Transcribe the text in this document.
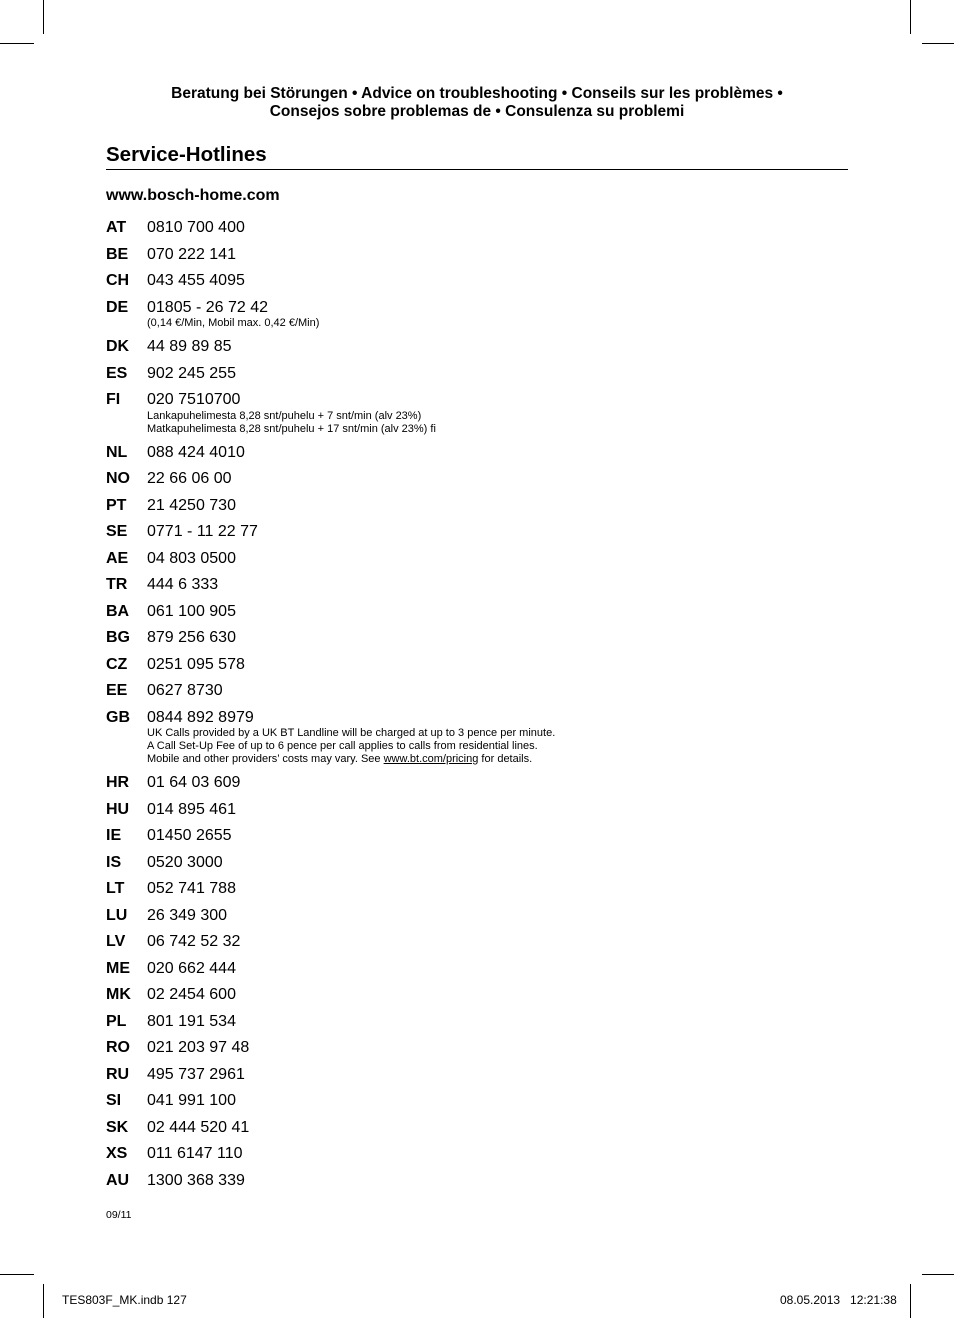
Beratung bei Störungen • Advice on troubleshooting • Conseils sur les problèmes •
Consejos sobre problemas de • Consulenza su problemi
Service-Hotlines
www.bosch-home.com
AT 0810 700 400
BE 070 222 141
CH 043 455 4095
DE 01805 - 26 72 42
(0,14 €/Min, Mobil max. 0,42 €/Min)
DK 44 89 89 85
ES 902 245 255
FI 020 7510700
Lankapuhelimesta 8,28 snt/puhelu + 7 snt/min (alv 23%)
Matkapuhelimesta 8,28 snt/puhelu + 17 snt/min (alv 23%) fi
NL 088 424 4010
NO 22 66 06 00
PT 21 4250 730
SE 0771 - 11 22 77
AE 04 803 0500
TR 444 6 333
BA 061 100 905
BG 879 256 630
CZ 0251 095 578
EE 0627 8730
GB 0844 892 8979
UK Calls provided by a UK BT Landline will be charged at up to 3 pence per minute.
A Call Set-Up Fee of up to 6 pence per call applies to calls from residential lines.
Mobile and other providers’ costs may vary. See www.bt.com/pricing for details.
HR 01 64 03 609
HU 014 895 461
IE 01450 2655
IS 0520 3000
LT 052 741 788
LU 26 349 300
LV 06 742 52 32
ME 020 662 444
MK 02 2454 600
PL 801 191 534
RO 021 203 97 48
RU 495 737 2961
SI 041 991 100
SK 02 444 520 41
XS 011 6147 110
AU 1300 368 339
09/11
TES803F_MK.indb 127	08.05.2013   12:21:38
